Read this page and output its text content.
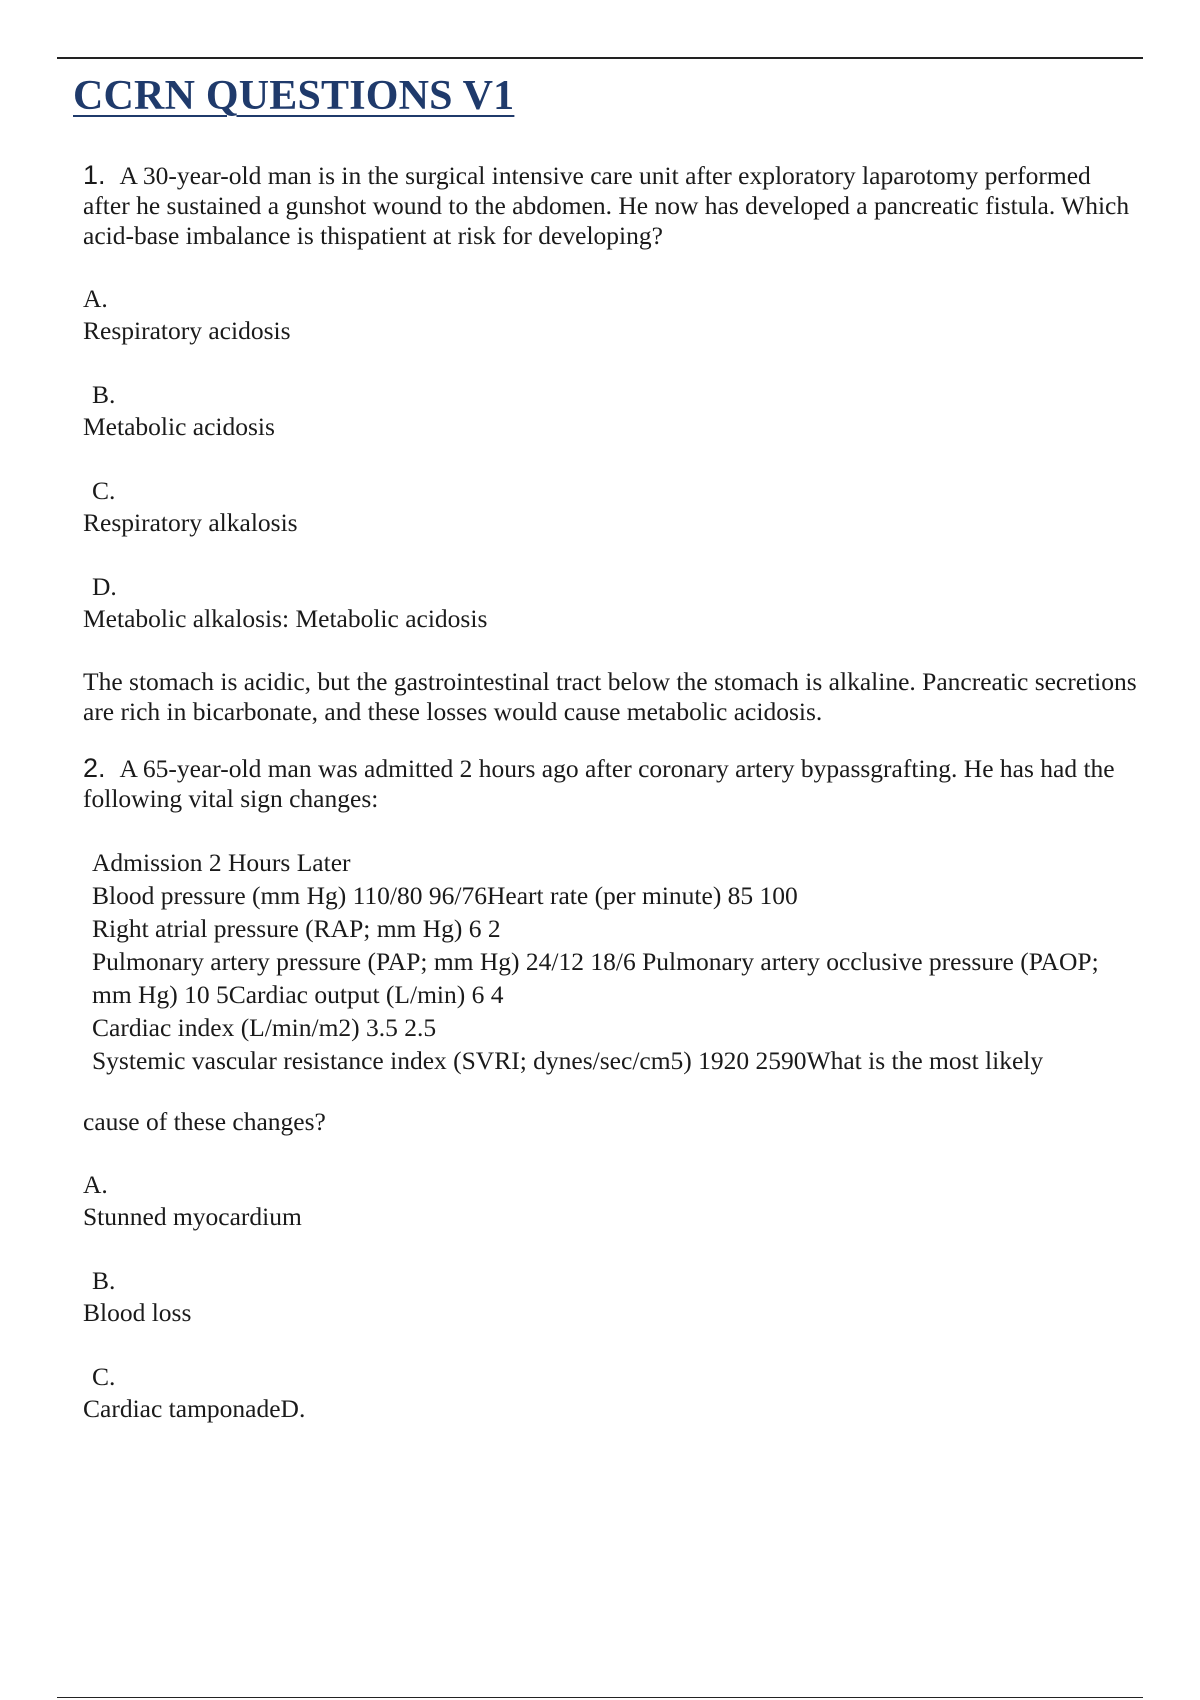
CCRN QUESTIONS V1

1. A 30-year-old man is in the surgical intensive care unit after exploratory laparotomy performed after he sustained a gunshot wound to the abdomen. He now has developed a pancreatic fistula. Which acid-base imbalance is thispatient at risk for developing?

A.
Respiratory acidosis
B.
Metabolic acidosis
C.
Respiratory alkalosis
D.
Metabolic alkalosis: Metabolic acidosis

The stomach is acidic, but the gastrointestinal tract below the stomach is alkaline. Pancreatic secretions are rich in bicarbonate, and these losses would cause metabolic acidosis.

2. A 65-year-old man was admitted 2 hours ago after coronary artery bypassgrafting. He has had the following vital sign changes:

Admission 2 Hours Later
Blood pressure (mm Hg) 110/80 96/76Heart rate (per minute) 85 100
Right atrial pressure (RAP; mm Hg) 6 2
Pulmonary artery pressure (PAP; mm Hg) 24/12 18/6 Pulmonary artery occlusive pressure (PAOP; mm Hg) 10 5Cardiac output (L/min) 6 4
Cardiac index (L/min/m2) 3.5 2.5
Systemic vascular resistance index (SVRI; dynes/sec/cm5) 1920 2590What is the most likely

cause of these changes?

A.
Stunned myocardium
B.
Blood loss
C.
Cardiac tamponadeD.
